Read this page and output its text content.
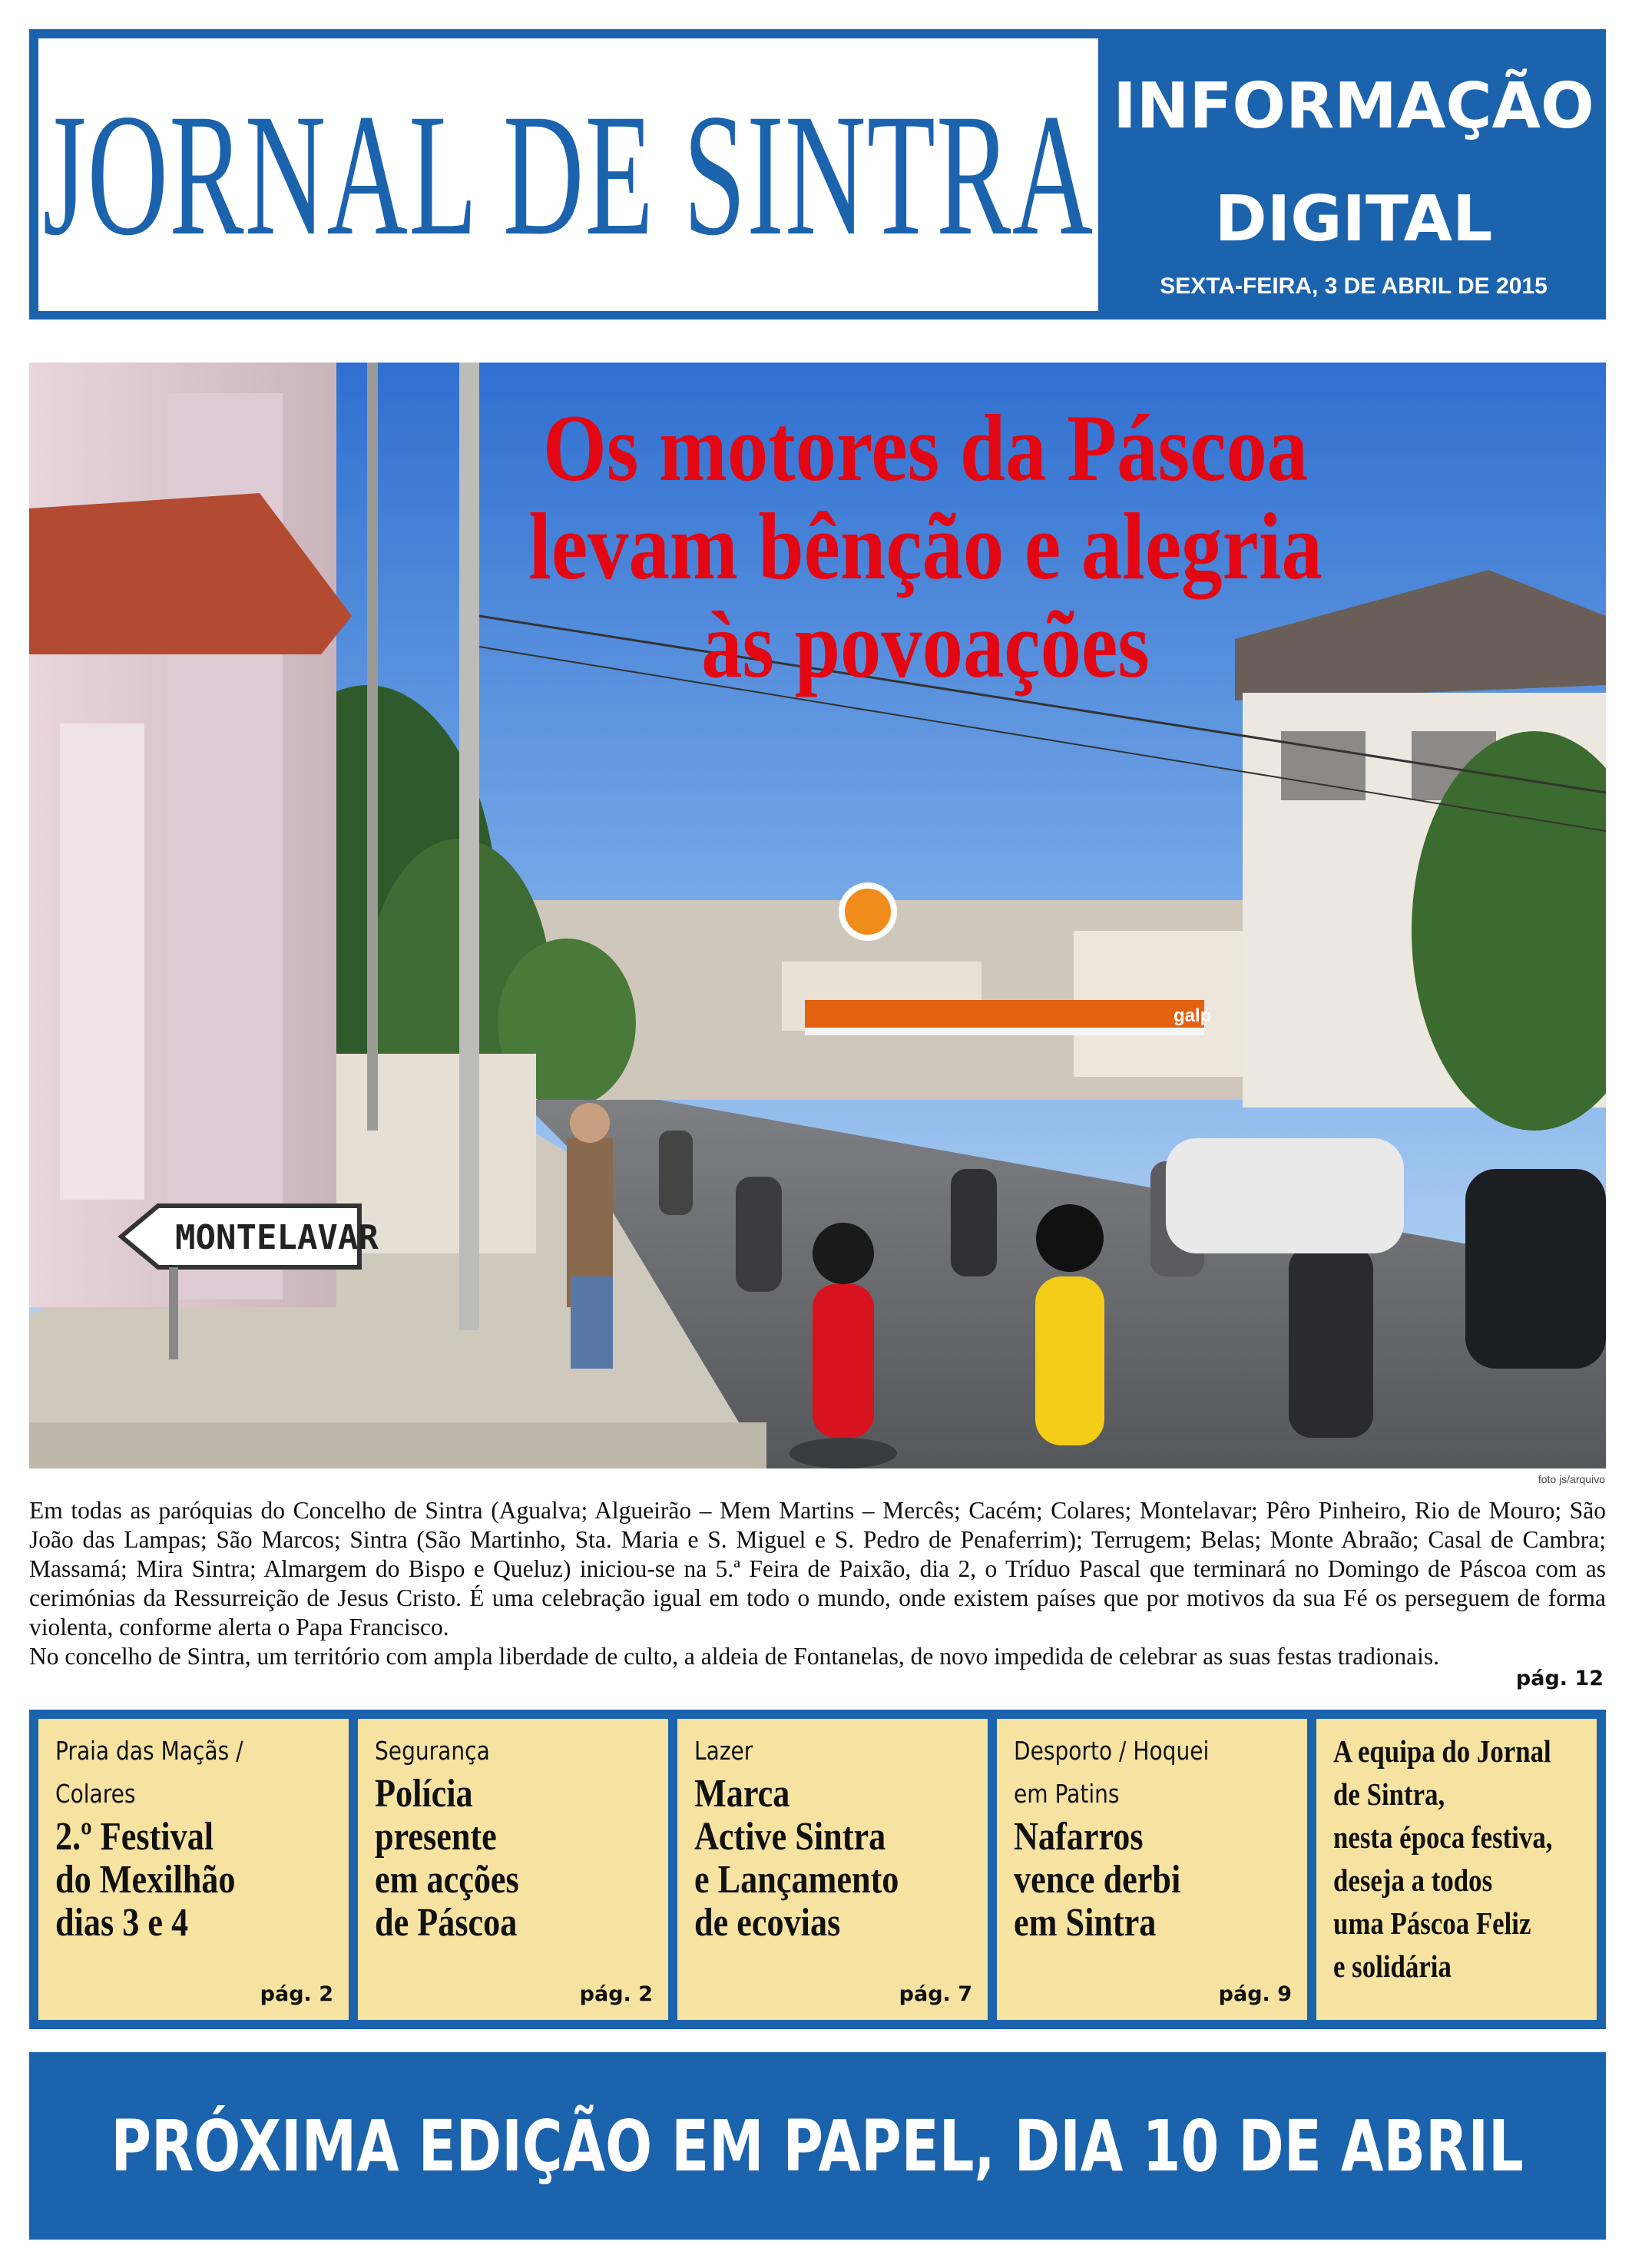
JORNAL DE SINTRA INFORMAÇÃO
DIGITAL
SEXTA-FEIRA, 3 DE ABRIL DE 2015
galp
MONTELAVAR
Os motores da Páscoa
levam bênção e alegria
às povoações
foto js/arquivo

Em todas as paróquias do Concelho de Sintra (Agualva; Algueirão – Mem Martins – Mercês; Cacém; Colares; Montelavar; Pêro Pinheiro, Rio de Mouro; São João das Lampas; São Marcos; Sintra (São Martinho, Sta. Maria e S. Miguel e S. Pedro de Penaferrim); Terrugem; Belas; Monte Abraão; Casal de Cambra; Massamá; Mira Sintra; Almargem do Bispo e Queluz) iniciou-se na 5.ª Feira de Paixão, dia 2, o Tríduo Pascal que terminará no Domingo de Páscoa com as cerimónias da Ressurreição de Jesus Cristo. É uma celebração igual em todo o mundo, onde existem países que por motivos da sua Fé os perseguem de forma violenta, conforme alerta o Papa Francisco.

No concelho de Sintra, um território com ampla liberdade de culto, a aldeia de Fontanelas, de novo impedida de celebrar as suas festas tradionais.

pág. 12
Praia das Maçãs /
Colares
2.º Festival
do Mexilhão
dias 3 e 4
pág. 2
Segurança
Polícia
presente
em acções
de Páscoa
pág. 2
Lazer
Marca
Active Sintra
e Lançamento
de ecovias
pág. 7
Desporto / Hoquei
em Patins
Nafarros
vence derbi
em Sintra
pág. 9
A equipa do Jornal
de Sintra,
nesta época festiva,
deseja a todos
uma Páscoa Feliz
e solidária
PRÓXIMA EDIÇÃO EM PAPEL, DIA 10 DE ABRIL
